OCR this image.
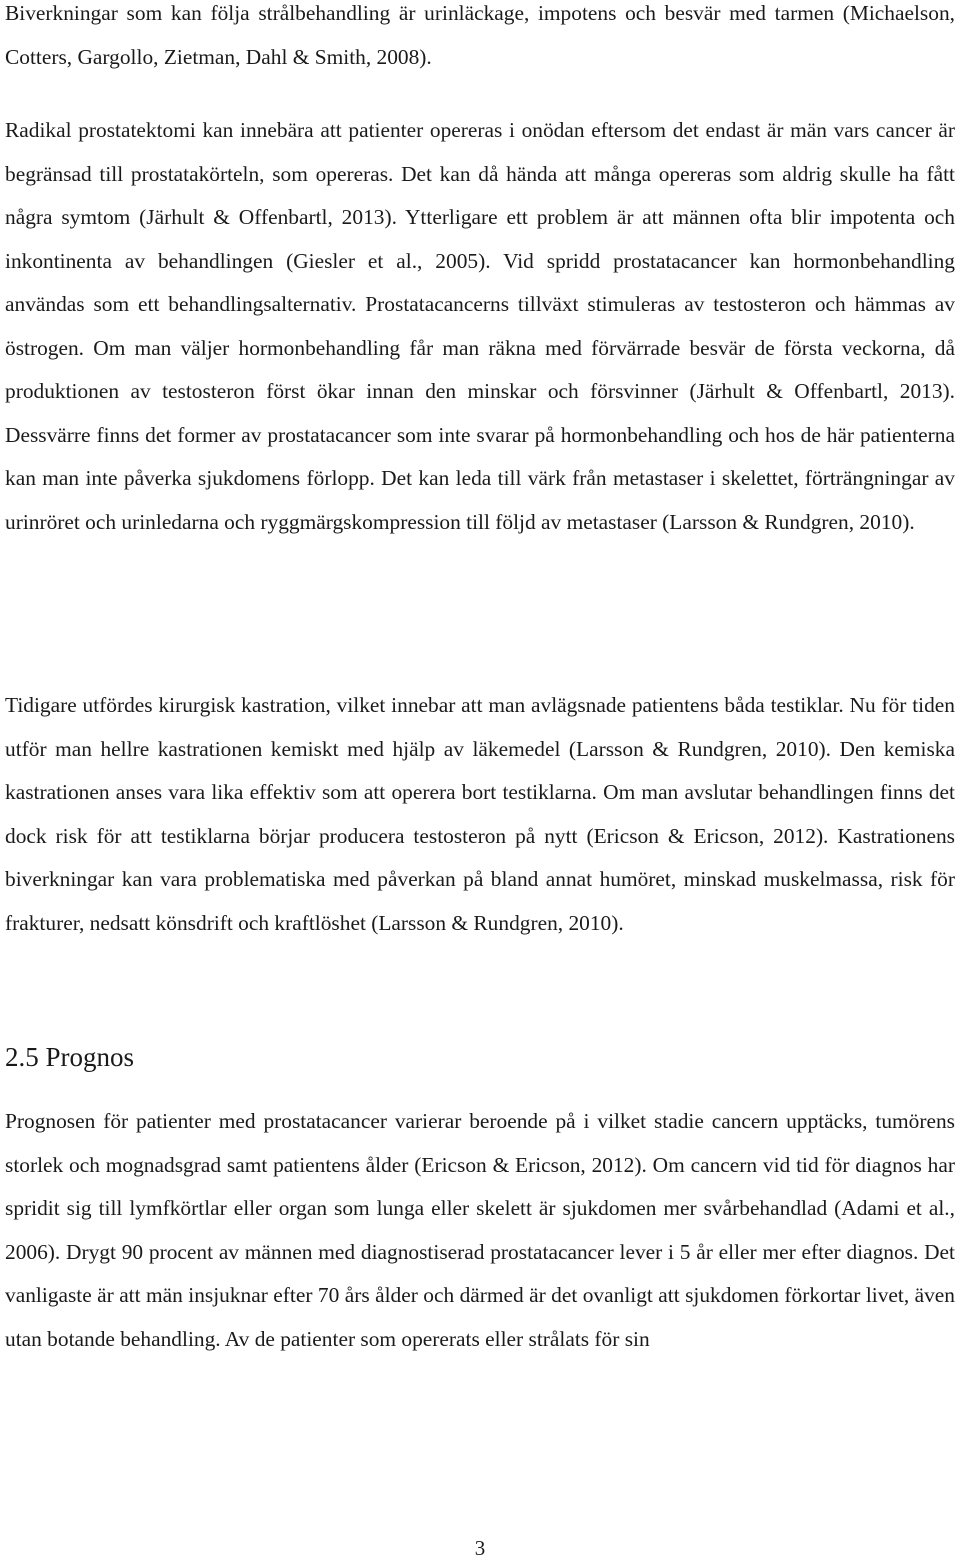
Biverkningar som kan följa strålbehandling är urinläckage, impotens och besvär med tarmen (Michaelson, Cotters, Gargollo, Zietman, Dahl & Smith, 2008).

Radikal prostatektomi kan innebära att patienter opereras i onödan eftersom det endast är män vars cancer är begränsad till prostatakörteln, som opereras. Det kan då hända att många opereras som aldrig skulle ha fått några symtom (Järhult & Offenbartl, 2013). Ytterligare ett problem är att männen ofta blir impotenta och inkontinenta av behandlingen (Giesler et al., 2005). Vid spridd prostatacancer kan hormonbehandling användas som ett behandlingsalternativ. Prostatacancerns tillväxt stimuleras av testosteron och hämmas av östrogen. Om man väljer hormonbehandling får man räkna med förvärrade besvär de första veckorna, då produktionen av testosteron först ökar innan den minskar och försvinner (Järhult & Offenbartl, 2013). Dessvärre finns det former av prostatacancer som inte svarar på hormonbehandling och hos de här patienterna kan man inte påverka sjukdomens förlopp. Det kan leda till värk från metastaser i skelettet, förträngningar av urinröret och urinledarna och ryggmärgskompression till följd av metastaser (Larsson & Rundgren, 2010).

Tidigare utfördes kirurgisk kastration, vilket innebar att man avlägsnade patientens båda testiklar. Nu för tiden utför man hellre kastrationen kemiskt med hjälp av läkemedel (Larsson & Rundgren, 2010). Den kemiska kastrationen anses vara lika effektiv som att operera bort testiklarna. Om man avslutar behandlingen finns det dock risk för att testiklarna börjar producera testosteron på nytt (Ericson & Ericson, 2012). Kastrationens biverkningar kan vara problematiska med påverkan på bland annat humöret, minskad muskelmassa, risk för frakturer, nedsatt könsdrift och kraftlöshet (Larsson & Rundgren, 2010).

2.5 Prognos

Prognosen för patienter med prostatacancer varierar beroende på i vilket stadie cancern upptäcks, tumörens storlek och mognadsgrad samt patientens ålder (Ericson & Ericson, 2012). Om cancern vid tid för diagnos har spridit sig till lymfkörtlar eller organ som lunga eller skelett är sjukdomen mer svårbehandlad (Adami et al., 2006). Drygt 90 procent av männen med diagnostiserad prostatacancer lever i 5 år eller mer efter diagnos. Det vanligaste är att män insjuknar efter 70 års ålder och därmed är det ovanligt att sjukdomen förkortar livet, även utan botande behandling. Av de patienter som opererats eller strålats för sin

3
